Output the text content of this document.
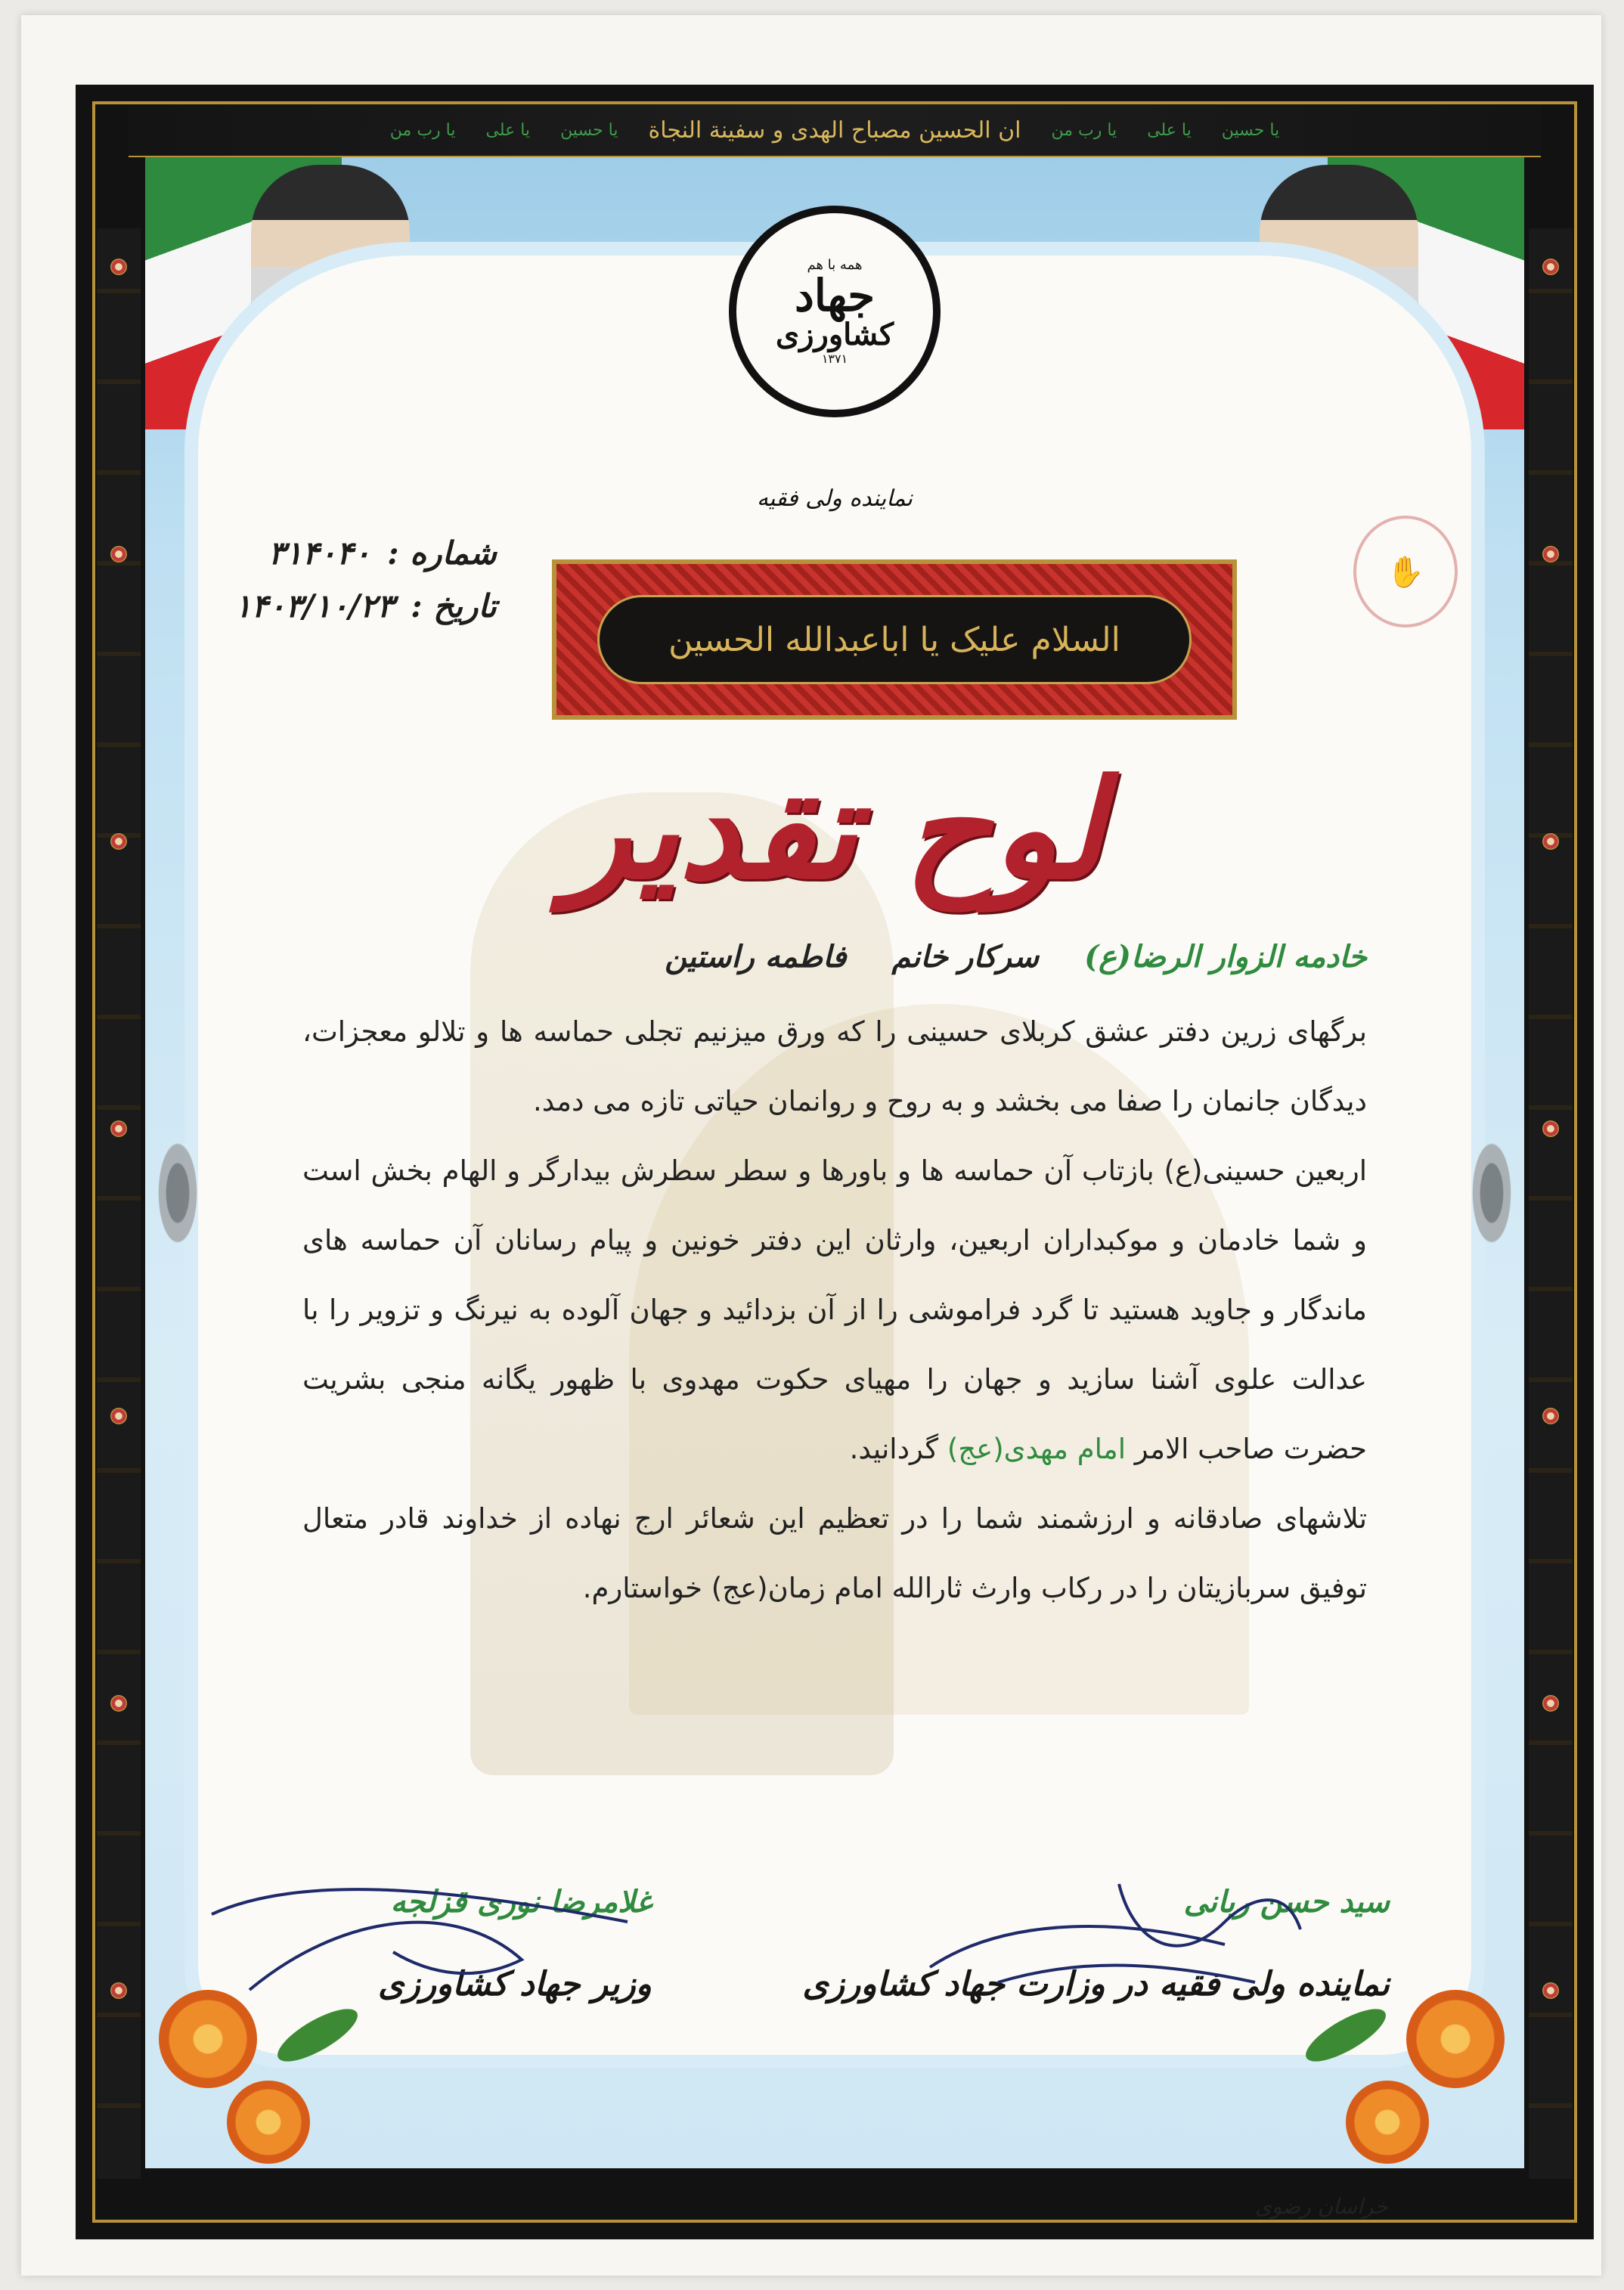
یا رب من یا علی یا حسین ان الحسین مصباح الهدی و سفینة النجاة یا رب من یا علی یا حسین
همه با هم
جهاد
کشاورزی
۱۳۷۱
نماینده ولی فقیه
✋
شماره :
۳۱۴۰۴۰
تاریخ :
۱۴۰۳/۱۰/۲۳
السلام علیک یا اباعبدالله الحسین
لوح تقدیر
خادمه الزوار الرضا(ع)
سرکار خانم
فاطمه راستین

برگهای زرین دفتر عشق کربلای حسینی را که ورق میزنیم تجلی حماسه ها و تلالو معجزات، دیدگان جانمان را صفا می بخشد و به روح و روانمان حیاتی تازه می دمد.

اربعین حسینی(ع) بازتاب آن حماسه ها و باورها و سطر سطرش بیدارگر و الهام بخش است و شما خادمان و موکبداران اربعین، وارثان این دفتر خونین و پیام رسانان آن حماسه های ماندگار و جاوید هستید تا گرد فراموشی را از آن بزدائید و جهان آلوده به نیرنگ و تزویر را با عدالت علوی آشنا سازید و جهان را مهیای حکوت مهدوی با ظهور یگانه منجی بشریت حضرت صاحب الامر امام مهدی(عج) گردانید.

تلاشهای صادقانه و ارزشمند شما را در تعظیم این شعائر ارج نهاده از خداوند قادر متعال توفیق سربازیتان را در رکاب وارث ثارالله امام زمان(عج) خواستارم.

غلامرضا نوری قزلجه
وزیر جهاد کشاورزی
سید حسن ربانی
نماینده ولی فقیه در وزارت جهاد کشاورزی
خراسان رضوی
